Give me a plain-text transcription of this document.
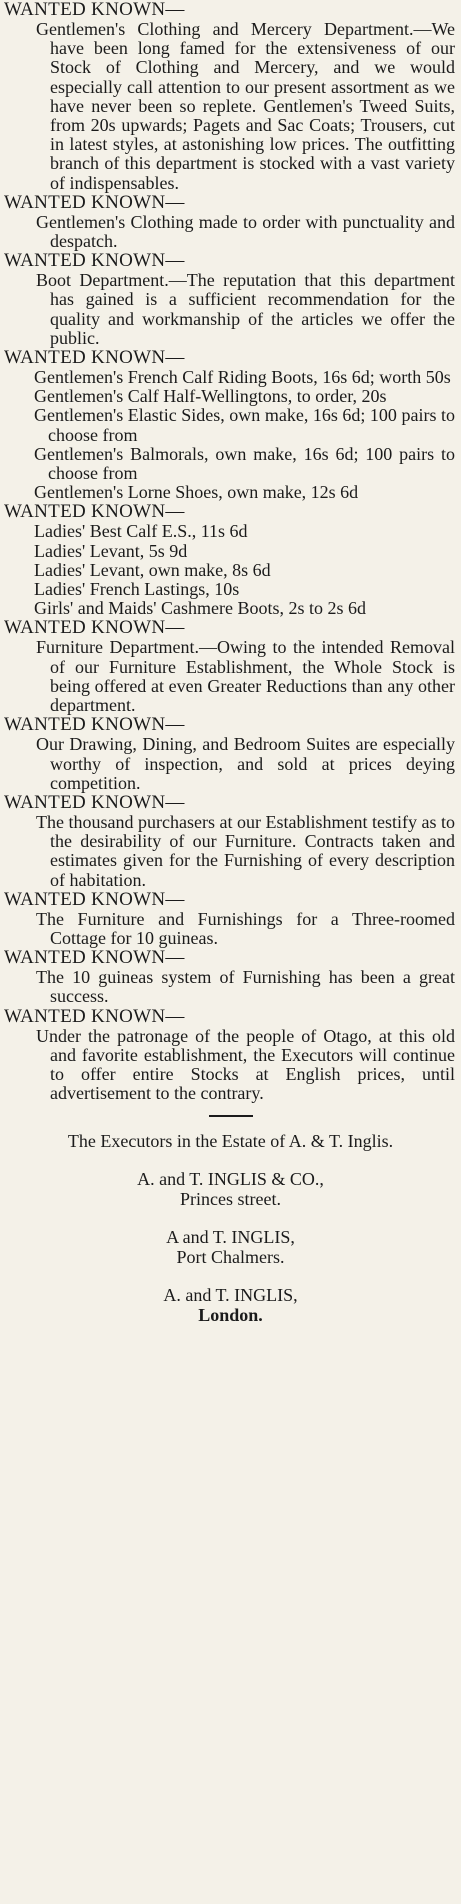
WANTED KNOWN—
Gentlemen's Clothing and Mercery Department.—We have been long famed for the extensiveness of our Stock of Clothing and Mercery, and we would especially call attention to our present assortment as we have never been so replete. Gentlemen's Tweed Suits, from 20s upwards; Pagets and Sac Coats; Trousers, cut in latest styles, at astonishing low prices. The outfitting branch of this department is stocked with a vast variety of indispensables.
WANTED KNOWN—
Gentlemen's Clothing made to order with punctuality and despatch.
WANTED KNOWN—
Boot Department.—The reputation that this department has gained is a sufficient recommendation for the quality and workmanship of the articles we offer the public.
WANTED KNOWN—
Gentlemen's French Calf Riding Boots, 16s 6d; worth 50s
Gentlemen's Calf Half-Wellingtons, to order, 20s
Gentlemen's Elastic Sides, own make, 16s 6d; 100 pairs to choose from
Gentlemen's Balmorals, own make, 16s 6d; 100 pairs to choose from
Gentlemen's Lorne Shoes, own make, 12s 6d
WANTED KNOWN—
Ladies' Best Calf E.S., 11s 6d
Ladies' Levant, 5s 9d
Ladies' Levant, own make, 8s 6d
Ladies' French Lastings, 10s
Girls' and Maids' Cashmere Boots, 2s to 2s 6d
WANTED KNOWN—
Furniture Department.—Owing to the intended Removal of our Furniture Establishment, the Whole Stock is being offered at even Greater Reductions than any other department.
WANTED KNOWN—
Our Drawing, Dining, and Bedroom Suites are especially worthy of inspection, and sold at prices deying competition.
WANTED KNOWN—
The thousand purchasers at our Establishment testify as to the desirability of our Furniture. Contracts taken and estimates given for the Furnishing of every description of habitation.
WANTED KNOWN—
The Furniture and Furnishings for a Three-roomed Cottage for 10 guineas.
WANTED KNOWN—
The 10 guineas system of Furnishing has been a great success.
WANTED KNOWN—
Under the patronage of the people of Otago, at this old and favorite establishment, the Executors will continue to offer entire Stocks at English prices, until advertisement to the contrary.
The Executors in the Estate of A. & T. Inglis.
A. and T. INGLIS & CO.,
Princes street.
A and T. INGLIS,
Port Chalmers.
A. and T. INGLIS,
London.
